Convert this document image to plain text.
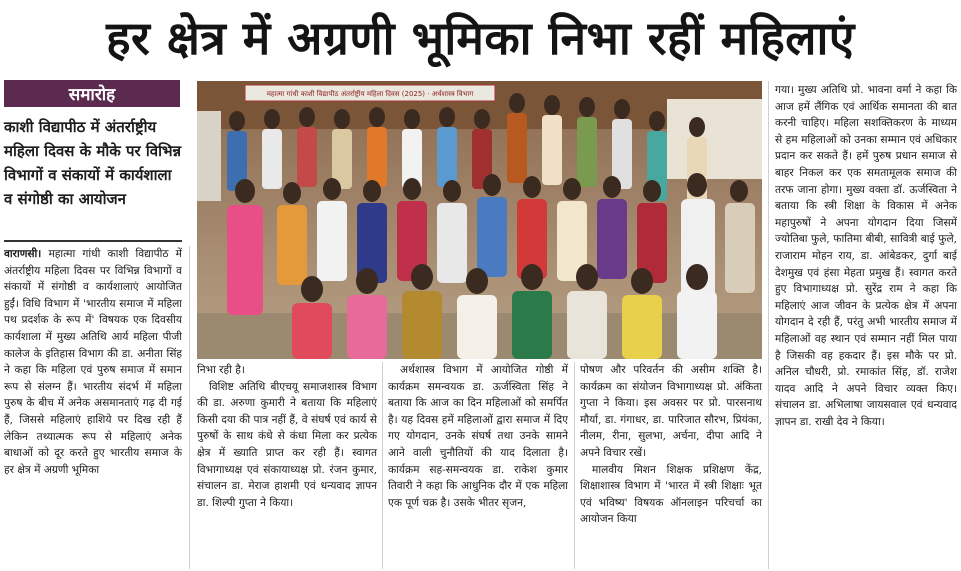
हर क्षेत्र में अग्रणी भूमिका निभा रहीं महिलाएं
समारोह
काशी विद्यापीठ में अंतर्राष्ट्रीय महिला दिवस के मौके पर विभिन्न विभागों व संकायों में कार्यशाला व संगोष्ठी का आयोजन

वाराणसी। महात्मा गांधी काशी विद्यापीठ में अंतर्राष्ट्रीय महिला दिवस पर विभिन्न विभागों व संकायों में संगोष्ठी व कार्यशालाएं आयोजित हुईं। विधि विभाग में 'भारतीय समाज में महिला पथ प्रदर्शक के रूप में' विषयक एक दिवसीय कार्यशाला में मुख्य अतिथि आर्य महिला पीजी कालेज के इतिहास विभाग की डा. अनीता सिंह ने कहा कि महिला एवं पुरुष समाज में समान रूप से संलग्न हैं। भारतीय संदर्भ में महिला पुरुष के बीच में अनेक असमानताएं गढ़ दी गई हैं, जिससे महिलाएं हाशिये पर दिख रही हैं लेकिन तथ्यात्मक रूप से महिलाएं अनेक बाधाओं को दूर करते हुए भारतीय समाज के हर क्षेत्र में अग्रणी भूमिका

महात्मा गांधी काशी विद्यापीठ अंतर्राष्ट्रीय महिला दिवस (2025) · अर्थशास्त्र विभाग

निभा रही है।

विशिष्ट अतिथि बीएचयू समाजशास्त्र विभाग की डा. अरुणा कुमारी ने बताया कि महिलाएं किसी दया की पात्र नहीं हैं, वे संघर्ष एवं कार्य से पुरुषों के साथ कंधे से कंधा मिला कर प्रत्येक क्षेत्र में ख्याति प्राप्त कर रही हैं। स्वागत विभागाध्यक्ष एवं संकायाध्यक्ष प्रो. रंजन कुमार, संचालन डा. मेराज हाशमी एवं धन्यवाद ज्ञापन डा. शिल्पी गुप्ता ने किया।

अर्थशास्त्र विभाग में आयोजित गोष्ठी में कार्यक्रम समन्वयक डा. ऊर्जस्विता सिंह ने बताया कि आज का दिन महिलाओं को समर्पित है। यह दिवस हमें महिलाओं द्वारा समाज में दिए गए योगदान, उनके संघर्ष तथा उनके सामने आने वाली चुनौतियों की याद दिलाता है। कार्यक्रम सह-समन्वयक डा. राकेश कुमार तिवारी ने कहा कि आधुनिक दौर में एक महिला एक पूर्ण चक्र है। उसके भीतर सृजन,

पोषण और परिवर्तन की असीम शक्ति है। कार्यक्रम का संयोजन विभागाध्यक्ष प्रो. अंकिता गुप्ता ने किया। इस अवसर पर प्रो. पारसनाथ मौर्या, डा. गंगाधर, डा. पारिजात सौरभ, प्रियंका, नीलम, रीना, सुलभा, अर्चना, दीपा आदि ने अपने विचार रखें।

मालवीय मिशन शिक्षक प्रशिक्षण केंद्र, शिक्षाशास्त्र विभाग में 'भारत में स्त्री शिक्षाः भूत एवं भविष्य' विषयक ऑनलाइन परिचर्चा का आयोजन किया

गया। मुख्य अतिथि प्रो. भावना वर्मा ने कहा कि आज हमें लैंगिक एवं आर्थिक समानता की बात करनी चाहिए। महिला सशक्तिकरण के माध्यम से हम महिलाओं को उनका सम्मान एवं अधिकार प्रदान कर सकते हैं। हमें पुरुष प्रधान समाज से बाहर निकल कर एक समतामूलक समाज की तरफ जाना होगा। मुख्य वक्ता डॉ. ऊर्जस्विता ने बताया कि स्त्री शिक्षा के विकास में अनेक महापुरुषों ने अपना योगदान दिया जिसमें ज्योतिबा फुले, फातिमा बीबी, सावित्री बाई फुले, राजाराम मोहन राय, डा. आंबेडकर, दुर्गा बाई देशमुख एवं हंसा मेहता प्रमुख हैं। स्वागत करते हुए विभागाध्यक्ष प्रो. सुरेंद्र राम ने कहा कि महिलाएं आज जीवन के प्रत्येक क्षेत्र में अपना योगदान दे रही हैं, परंतु अभी भारतीय समाज में महिलाओं वह स्थान एवं सम्मान नहीं मिल पाया है जिसकी वह हकदार हैं। इस मौके पर प्रो. अनिल चौधरी, प्रो. रमाकांत सिंह, डॉ. राजेश यादव आदि ने अपने विचार व्यक्त किए। संचालन डा. अभिलाषा जायसवाल एवं धन्यवाद ज्ञापन डा. राखी देव ने किया।
